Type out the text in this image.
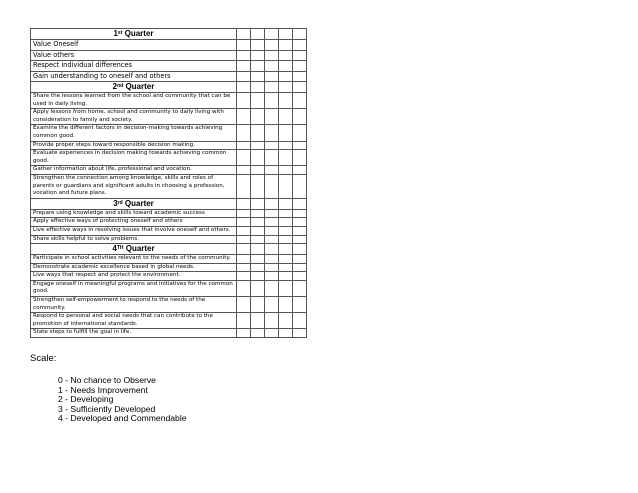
1st Quarter					
Value Oneself					
Value others					
Respect individual differences					
Gain understanding to oneself and others					
2nd Quarter					
Share the lessons learned from the school and community that can be used in daily living.					
Apply lessons from home, school and community to daily living with consideration to family and society.					
Examine the different factors in decision-making towards achieving common good.					
Provide proper steps toward responsible decision making.					
Evaluate experiences in decision making towards achieving common good.					
Gather information about life, professional and vocation.					
Strengthen the connection among knowledge, skills and roles of parents or guardians and significant adults in choosing a profession, vocation and future plans.					
3rd Quarter					
Prepare using knowledge and skills toward academic success					
Apply effective ways of protecting oneself and others					
Live effective ways in resolving issues that involve oneself and others.					
Share skills helpful to solve problems.					
4TH Quarter					
Participate in school activities relevant to the needs of the community.					
Demonstrate academic excellence based in global needs.					
Live ways that respect and protect the environment.					
Engage oneself in meaningful programs and initiatives for the common good.					
Strengthen self-empowerment to respond to the needs of the community.					
Respond to personal and social needs that can contribute to the promotion of international standards.					
State steps to fulfill the goal in life.					
Scale:
0 - No chance to Observe
1 - Needs Improvement
2 - Developing
3 - Sufficiently Developed
4 - Developed and Commendable
